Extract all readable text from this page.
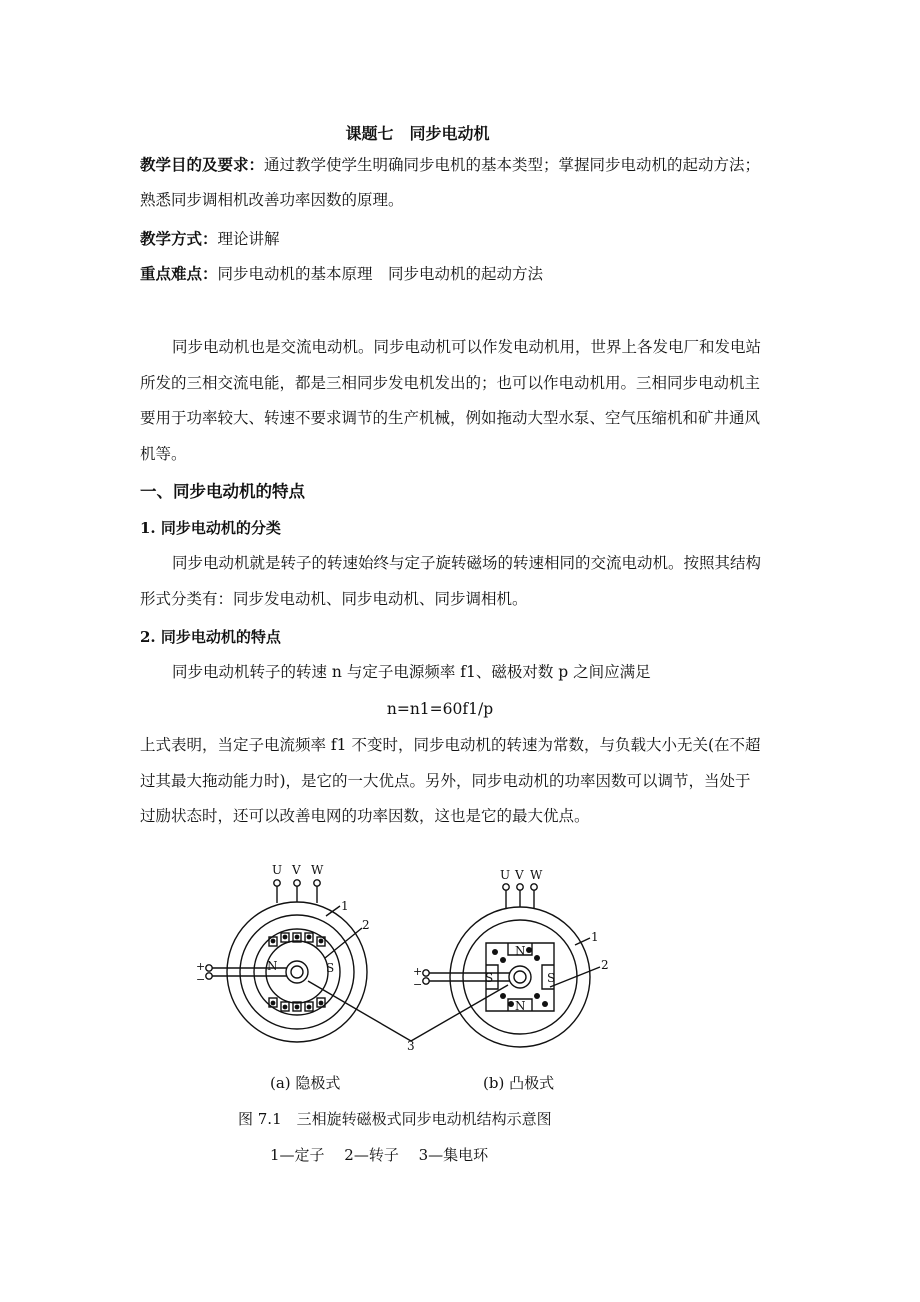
课题七　同步电动机
教学目的及要求：通过教学使学生明确同步电机的基本类型；掌握同步电动机的起动方法；
熟悉同步调相机改善功率因数的原理。
教学方式：理论讲解
重点难点：同步电动机的基本原理　同步电动机的起动方法
同步电动机也是交流电动机。同步电动机可以作发电动机用，世界上各发电厂和发电站
所发的三相交流电能，都是三相同步发电机发出的；也可以作电动机用。三相同步电动机主
要用于功率较大、转速不要求调节的生产机械，例如拖动大型水泵、空气压缩机和矿井通风
机等。
一、同步电动机的特点
1. 同步电动机的分类
同步电动机就是转子的转速始终与定子旋转磁场的转速相同的交流电动机。按照其结构
形式分类有：同步发电动机、同步电动机、同步调相机。
2. 同步电动机的特点
同步电动机转子的转速 n 与定子电源频率 f1、磁极对数 p 之间应满足
n=n1=60f1/p
上式表明，当定子电流频率 f1 不变时，同步电动机的转速为常数，与负载大小无关(在不超
过其最大拖动能力时)，是它的一大优点。另外，同步电动机的功率因数可以调节，当处于
过励状态时，还可以改善电网的功率因数，这也是它的最大优点。
U V W
1
2
3
N	S
+
−
U V W
1
2
N
S	S
N
+
−
(a) 隐极式	(b) 凸极式
图 7.1　三相旋转磁极式同步电动机结构示意图
1—定子　 2—转子　 3—集电环
